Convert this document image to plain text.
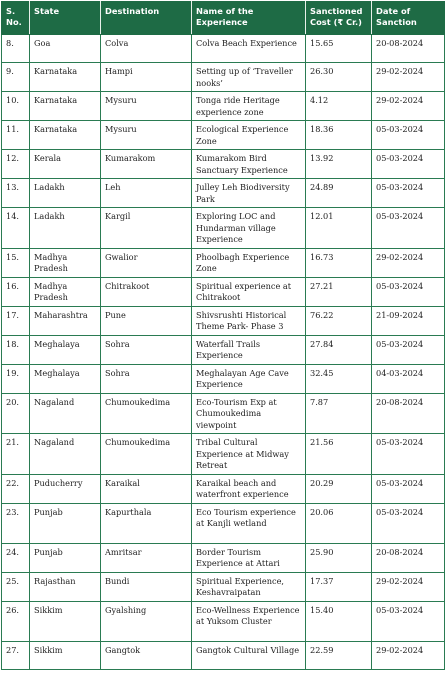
S. No.	State	Destination	Name of the Experience	Sanctioned Cost (₹ Cr.)	Date of Sanction
8.	Goa	Colva	Colva Beach Experience	15.65	20-08-2024
9.	Karnataka	Hampi	Setting up of ‘Traveller nooks’	26.30	29-02-2024
10.	Karnataka	Mysuru	Tonga ride Heritage experience zone	4.12	29-02-2024
11.	Karnataka	Mysuru	Ecological Experience Zone	18.36	05-03-2024
12.	Kerala	Kumarakom	Kumarakom Bird Sanctuary Experience	13.92	05-03-2024
13.	Ladakh	Leh	Julley Leh Biodiversity Park	24.89	05-03-2024
14.	Ladakh	Kargil	Exploring LOC and Hundarman village Experience	12.01	05-03-2024
15.	Madhya Pradesh	Gwalior	Phoolbagh Experience Zone	16.73	29-02-2024
16.	Madhya Pradesh	Chitrakoot	Spiritual experience at Chitrakoot	27.21	05-03-2024
17.	Maharashtra	Pune	Shivsrushti Historical Theme Park- Phase 3	76.22	21-09-2024
18.	Meghalaya	Sohra	Waterfall Trails Experience	27.84	05-03-2024
19.	Meghalaya	Sohra	Meghalayan Age Cave Experience	32.45	04-03-2024
20.	Nagaland	Chumoukedima	Eco-Tourism Exp at Chumoukedima viewpoint	7.87	20-08-2024
21.	Nagaland	Chumoukedima	Tribal Cultural Experience at Midway Retreat	21.56	05-03-2024
22.	Puducherry	Karaikal	Karaikal beach and waterfront experience	20.29	05-03-2024
23.	Punjab	Kapurthala	Eco Tourism experience at Kanjli wetland	20.06	05-03-2024
24.	Punjab	Amritsar	Border Tourism Experience at Attari	25.90	20-08-2024
25.	Rajasthan	Bundi	Spiritual Experience, Keshavraipatan	17.37	29-02-2024
26.	Sikkim	Gyalshing	Eco-Wellness Experience at Yuksom Cluster	15.40	05-03-2024
27.	Sikkim	Gangtok	Gangtok Cultural Village	22.59	29-02-2024
